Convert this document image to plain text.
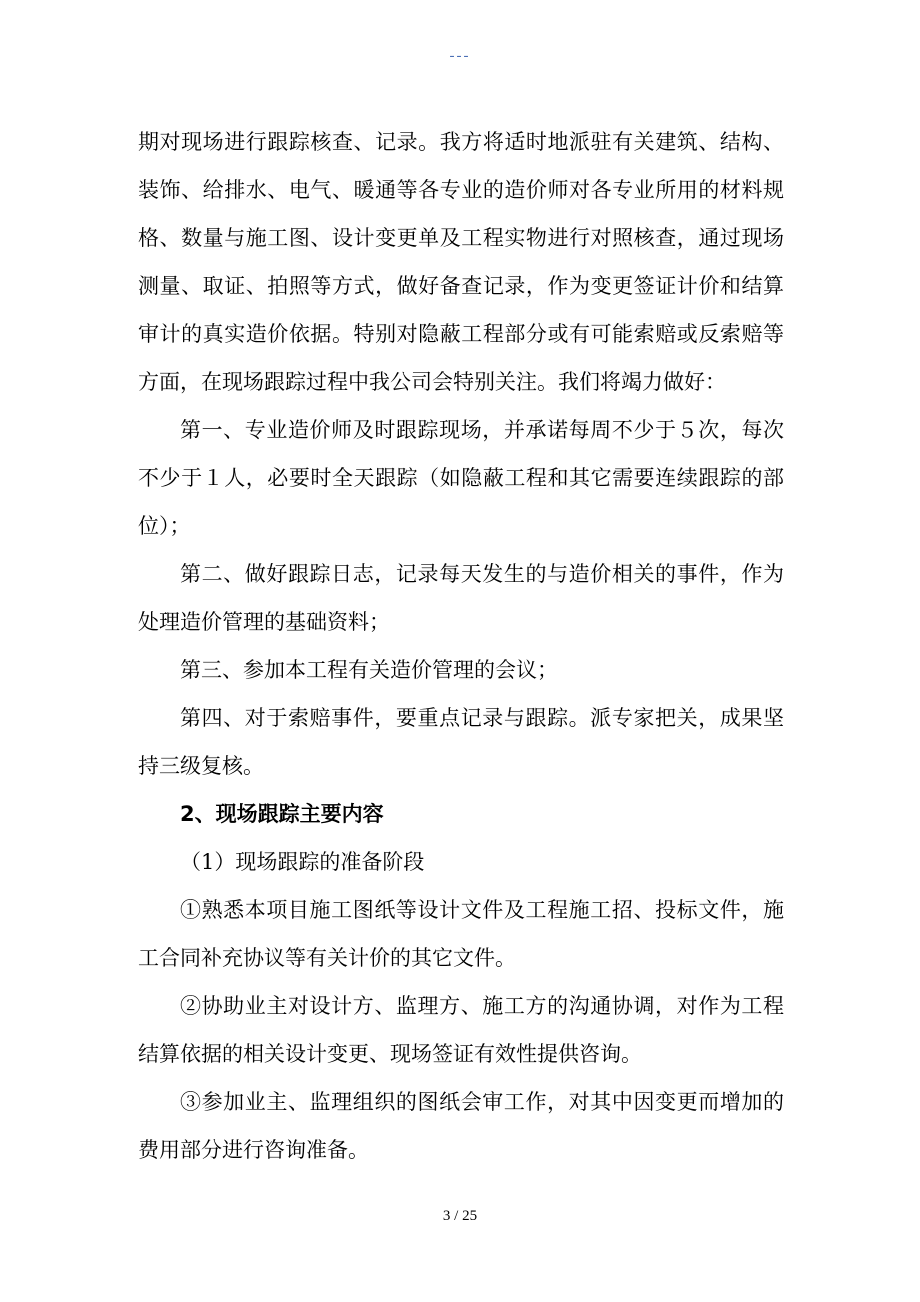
---

期对现场进行跟踪核查、记录。我方将适时地派驻有关建筑、结构、装饰、给排水、电气、暖通等各专业的造价师对各专业所用的材料规格、数量与施工图、设计变更单及工程实物进行对照核查，通过现场测量、取证、拍照等方式，做好备查记录，作为变更签证计价和结算审计的真实造价依据。特别对隐蔽工程部分或有可能索赔或反索赔等方面，在现场跟踪过程中我公司会特别关注。我们将竭力做好：

第一、专业造价师及时跟踪现场，并承诺每周不少于５次，每次不少于１人，必要时全天跟踪（如隐蔽工程和其它需要连续跟踪的部位）；

第二、做好跟踪日志，记录每天发生的与造价相关的事件，作为处理造价管理的基础资料；

第三、参加本工程有关造价管理的会议；

第四、对于索赔事件，要重点记录与跟踪。派专家把关，成果坚持三级复核。

2、现场跟踪主要内容

（1）现场跟踪的准备阶段

①熟悉本项目施工图纸等设计文件及工程施工招、投标文件，施工合同补充协议等有关计价的其它文件。

②协助业主对设计方、监理方、施工方的沟通协调，对作为工程结算依据的相关设计变更、现场签证有效性提供咨询。

③参加业主、监理组织的图纸会审工作，对其中因变更而增加的费用部分进行咨询准备。

3 / 25
